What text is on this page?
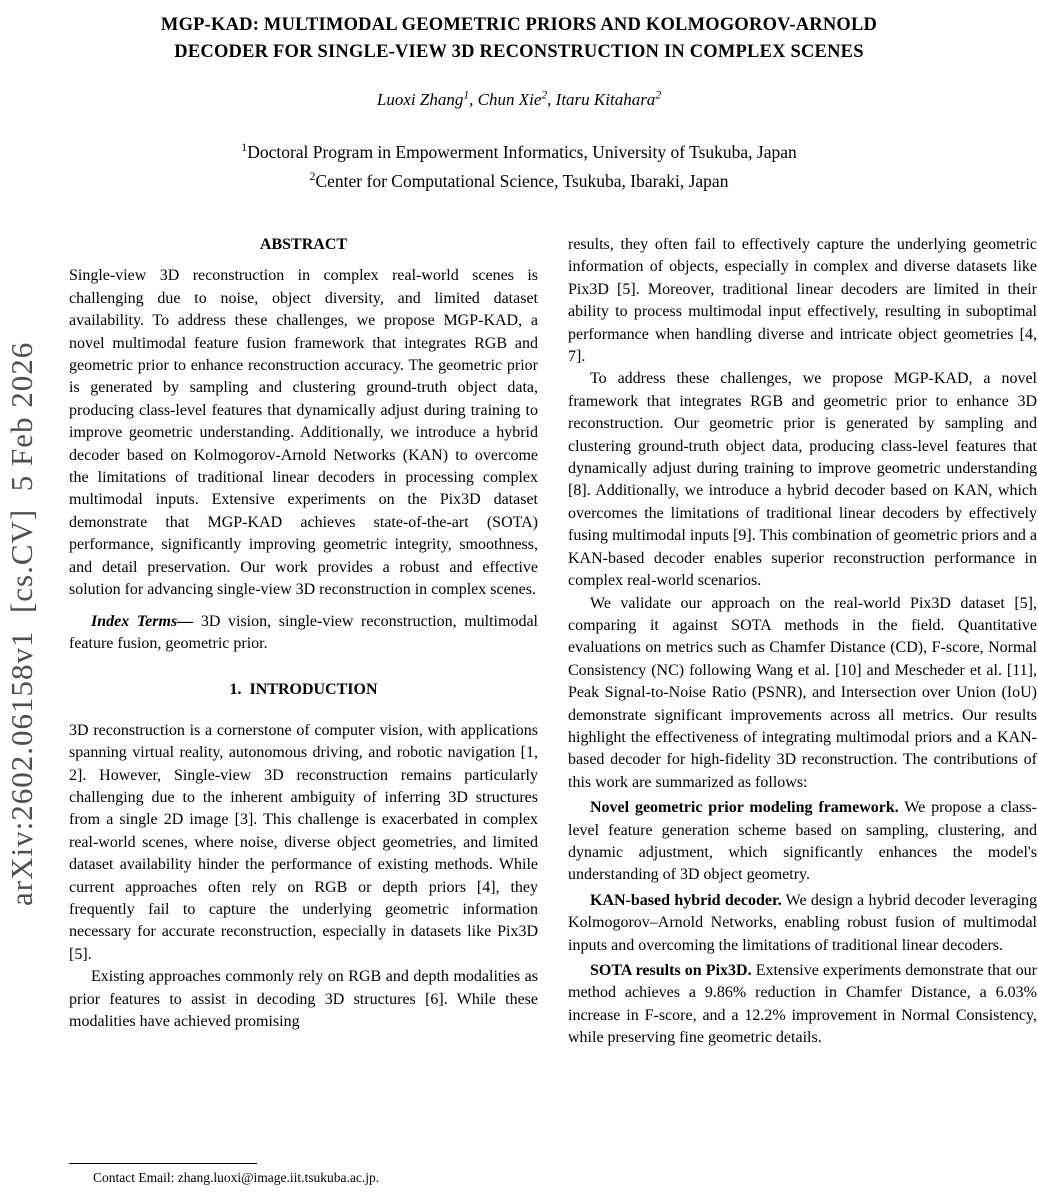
arXiv:2602.06158v1  [cs.CV]  5 Feb 2026
MGP-KAD: MULTIMODAL GEOMETRIC PRIORS AND KOLMOGOROV-ARNOLD
DECODER FOR SINGLE-VIEW 3D RECONSTRUCTION IN COMPLEX SCENES
Luoxi Zhang$^1$, Chun Xie$^2$, Itaru Kitahara$^2$
$^1$Doctoral Program in Empowerment Informatics, University of Tsukuba, Japan
$^2$Center for Computational Science, Tsukuba, Ibaraki, Japan
ABSTRACT

Single-view 3D reconstruction in complex real-world scenes is challenging due to noise, object diversity, and limited dataset availability. To address these challenges, we propose MGP-KAD, a novel multimodal feature fusion framework that integrates RGB and geometric prior to enhance reconstruction accuracy. The geometric prior is generated by sampling and clustering ground-truth object data, producing class-level features that dynamically adjust during training to improve geometric understanding. Additionally, we introduce a hybrid decoder based on Kolmogorov-Arnold Networks (KAN) to overcome the limitations of traditional linear decoders in processing complex multimodal inputs. Extensive experiments on the Pix3D dataset demonstrate that MGP-KAD achieves state-of-the-art (SOTA) performance, significantly improving geometric integrity, smoothness, and detail preservation. Our work provides a robust and effective solution for advancing single-view 3D reconstruction in complex scenes.

Index Terms— 3D vision, single-view reconstruction, multimodal feature fusion, geometric prior.

1.  INTRODUCTION

3D reconstruction is a cornerstone of computer vision, with applications spanning virtual reality, autonomous driving, and robotic navigation [1, 2]. However, Single-view 3D reconstruction remains particularly challenging due to the inherent ambiguity of inferring 3D structures from a single 2D image [3]. This challenge is exacerbated in complex real-world scenes, where noise, diverse object geometries, and limited dataset availability hinder the performance of existing methods. While current approaches often rely on RGB or depth priors [4], they frequently fail to capture the underlying geometric information necessary for accurate reconstruction, especially in datasets like Pix3D [5].

Existing approaches commonly rely on RGB and depth modalities as prior features to assist in decoding 3D structures [6]. While these modalities have achieved promising

results, they often fail to effectively capture the underlying geometric information of objects, especially in complex and diverse datasets like Pix3D [5]. Moreover, traditional linear decoders are limited in their ability to process multimodal input effectively, resulting in suboptimal performance when handling diverse and intricate object geometries [4, 7].

To address these challenges, we propose MGP-KAD, a novel framework that integrates RGB and geometric prior to enhance 3D reconstruction. Our geometric prior is generated by sampling and clustering ground-truth object data, producing class-level features that dynamically adjust during training to improve geometric understanding [8]. Additionally, we introduce a hybrid decoder based on KAN, which overcomes the limitations of traditional linear decoders by effectively fusing multimodal inputs [9]. This combination of geometric priors and a KAN-based decoder enables superior reconstruction performance in complex real-world scenarios.

We validate our approach on the real-world Pix3D dataset [5], comparing it against SOTA methods in the field. Quantitative evaluations on metrics such as Chamfer Distance (CD), F-score, Normal Consistency (NC) following Wang et al. [10] and Mescheder et al. [11], Peak Signal-to-Noise Ratio (PSNR), and Intersection over Union (IoU) demonstrate significant improvements across all metrics. Our results highlight the effectiveness of integrating multimodal priors and a KAN-based decoder for high-fidelity 3D reconstruction. The contributions of this work are summarized as follows:

Novel geometric prior modeling framework. We propose a class-level feature generation scheme based on sampling, clustering, and dynamic adjustment, which significantly enhances the model's understanding of 3D object geometry.

KAN-based hybrid decoder. We design a hybrid decoder leveraging Kolmogorov–Arnold Networks, enabling robust fusion of multimodal inputs and overcoming the limitations of traditional linear decoders.

SOTA results on Pix3D. Extensive experiments demonstrate that our method achieves a 9.86% reduction in Chamfer Distance, a 6.03% increase in F-score, and a 12.2% improvement in Normal Consistency, while preserving fine geometric details.

Contact Email: zhang.luoxi@image.iit.tsukuba.ac.jp.
